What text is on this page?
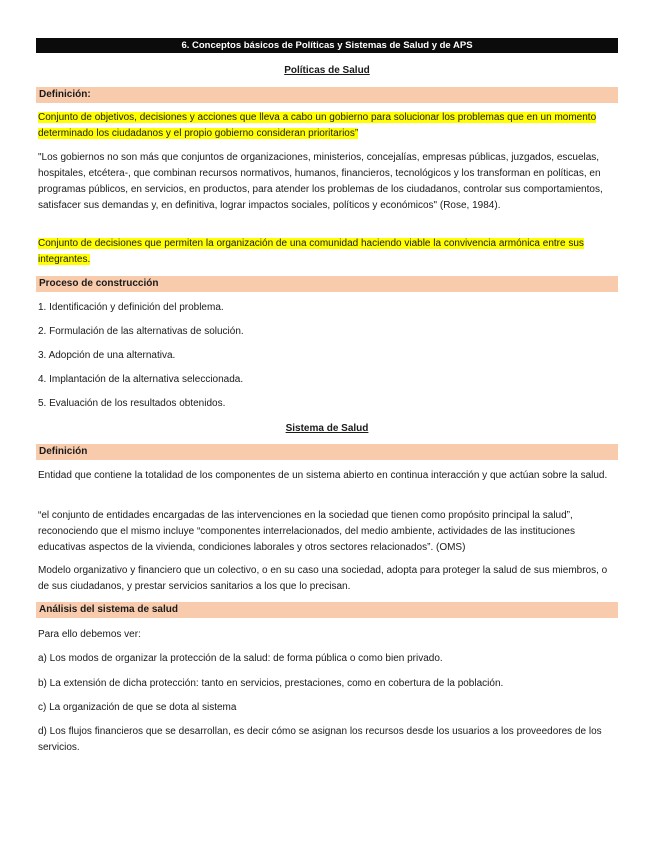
6. Conceptos básicos de Políticas y Sistemas de Salud y de APS
Políticas de Salud
Definición:

Conjunto de objetivos, decisiones y acciones que lleva a cabo un gobierno para solucionar los problemas que en un momento determinado los ciudadanos y el propio gobierno consideran prioritarios”

"Los gobiernos no son más que conjuntos de organizaciones, ministerios, concejalías, empresas públicas, juzgados, escuelas, hospitales, etcétera-, que combinan recursos normativos, humanos, financieros, tecnológicos y los transforman en políticas, en programas públicos, en servicios, en productos, para atender los problemas de los ciudadanos, controlar sus comportamientos, satisfacer sus demandas y, en definitiva, lograr impactos sociales, políticos y económicos" (Rose, 1984).

Conjunto de decisiones que permiten la organización de una comunidad haciendo viable la convivencia armónica entre sus integrantes.

Proceso de construcción

1. Identificación y definición del problema.

2. Formulación de las alternativas de solución.

3. Adopción de una alternativa.

4. Implantación de la alternativa seleccionada.

5. Evaluación de los resultados obtenidos.

Sistema de Salud
Definición

Entidad que contiene la totalidad de los componentes de un sistema abierto en continua interacción y que actúan sobre la salud.

“el conjunto de entidades encargadas de las intervenciones en la sociedad que tienen como propósito principal la salud”, reconociendo que el mismo incluye “componentes interrelacionados, del medio ambiente, actividades de las instituciones educativas aspectos de la vivienda, condiciones laborales y otros sectores relacionados”. (OMS)

Modelo organizativo y financiero que un colectivo, o en su caso una sociedad, adopta para proteger la salud de sus miembros, o de sus ciudadanos, y prestar servicios sanitarios a los que lo precisan.

Análisis del sistema de salud

Para ello debemos ver:

a) Los modos de organizar la protección de la salud: de forma pública o como bien privado.

b) La extensión de dicha protección: tanto en servicios, prestaciones, como en cobertura de la población.

c) La organización de que se dota al sistema

d) Los flujos financieros que se desarrollan, es decir cómo se asignan los recursos desde los usuarios a los proveedores de los servicios.
